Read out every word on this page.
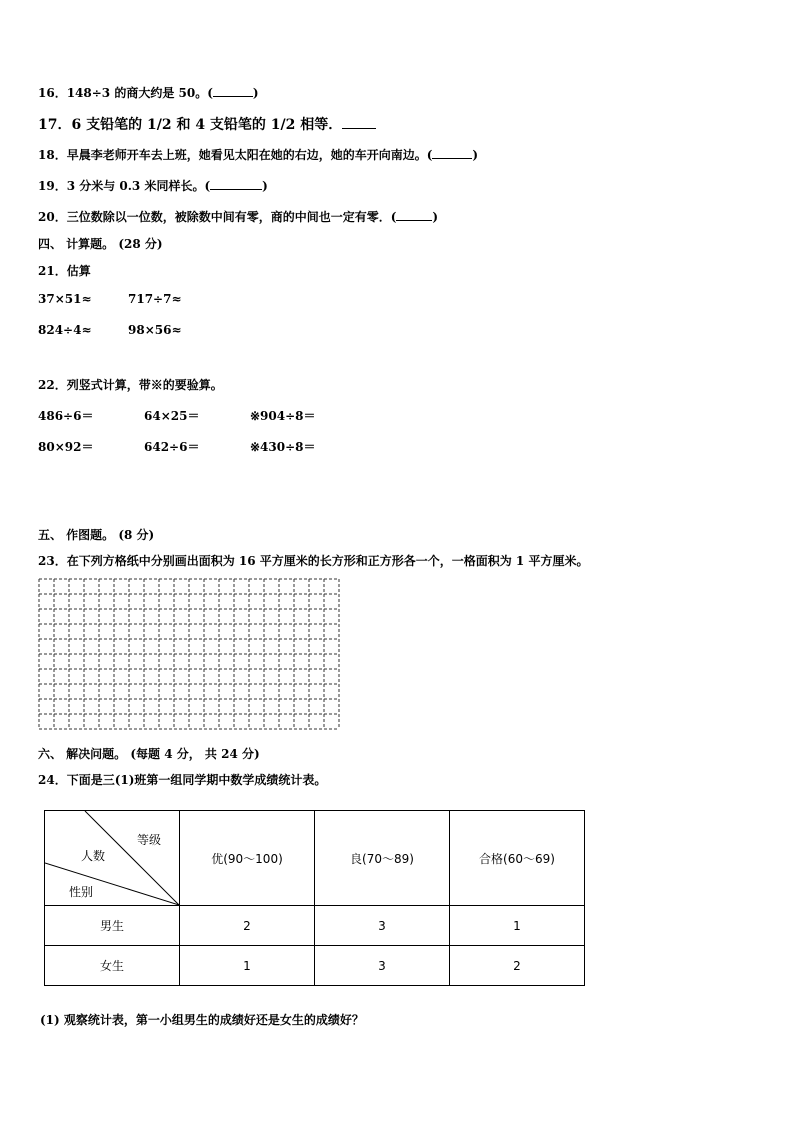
16．148÷3 的商大约是 50。(	)
17．6 支铅笔的 1/2 和 4 支铅笔的 1/2 相等．
18．早晨李老师开车去上班，她看见太阳在她的右边，她的车开向南边。(	)
19．3 分米与 0.3 米同样长。(	)
20．三位数除以一位数，被除数中间有零，商的中间也一定有零．(	)
四、 计算题。 (28 分)
21．估算
37×51≈	717÷7≈
824÷4≈	98×56≈
22．列竖式计算，带※的要验算。
486÷6＝	64×25＝	※904÷8＝
80×92＝	642÷6＝	※430÷8＝
五、 作图题。 (8 分)
23．在下列方格纸中分别画出面积为 16 平方厘米的长方形和正方形各一个，一格面积为 1 平方厘米。
六、 解决问题。 (每题 4 分， 共 24 分)
24．下面是三(1)班第一组同学期中数学成绩统计表。
等级
人数
性别	优(90～100)	良(70～89)	合格(60～69)
男生	2	3	1
女生	1	3	2
(1) 观察统计表，第一小组男生的成绩好还是女生的成绩好？
